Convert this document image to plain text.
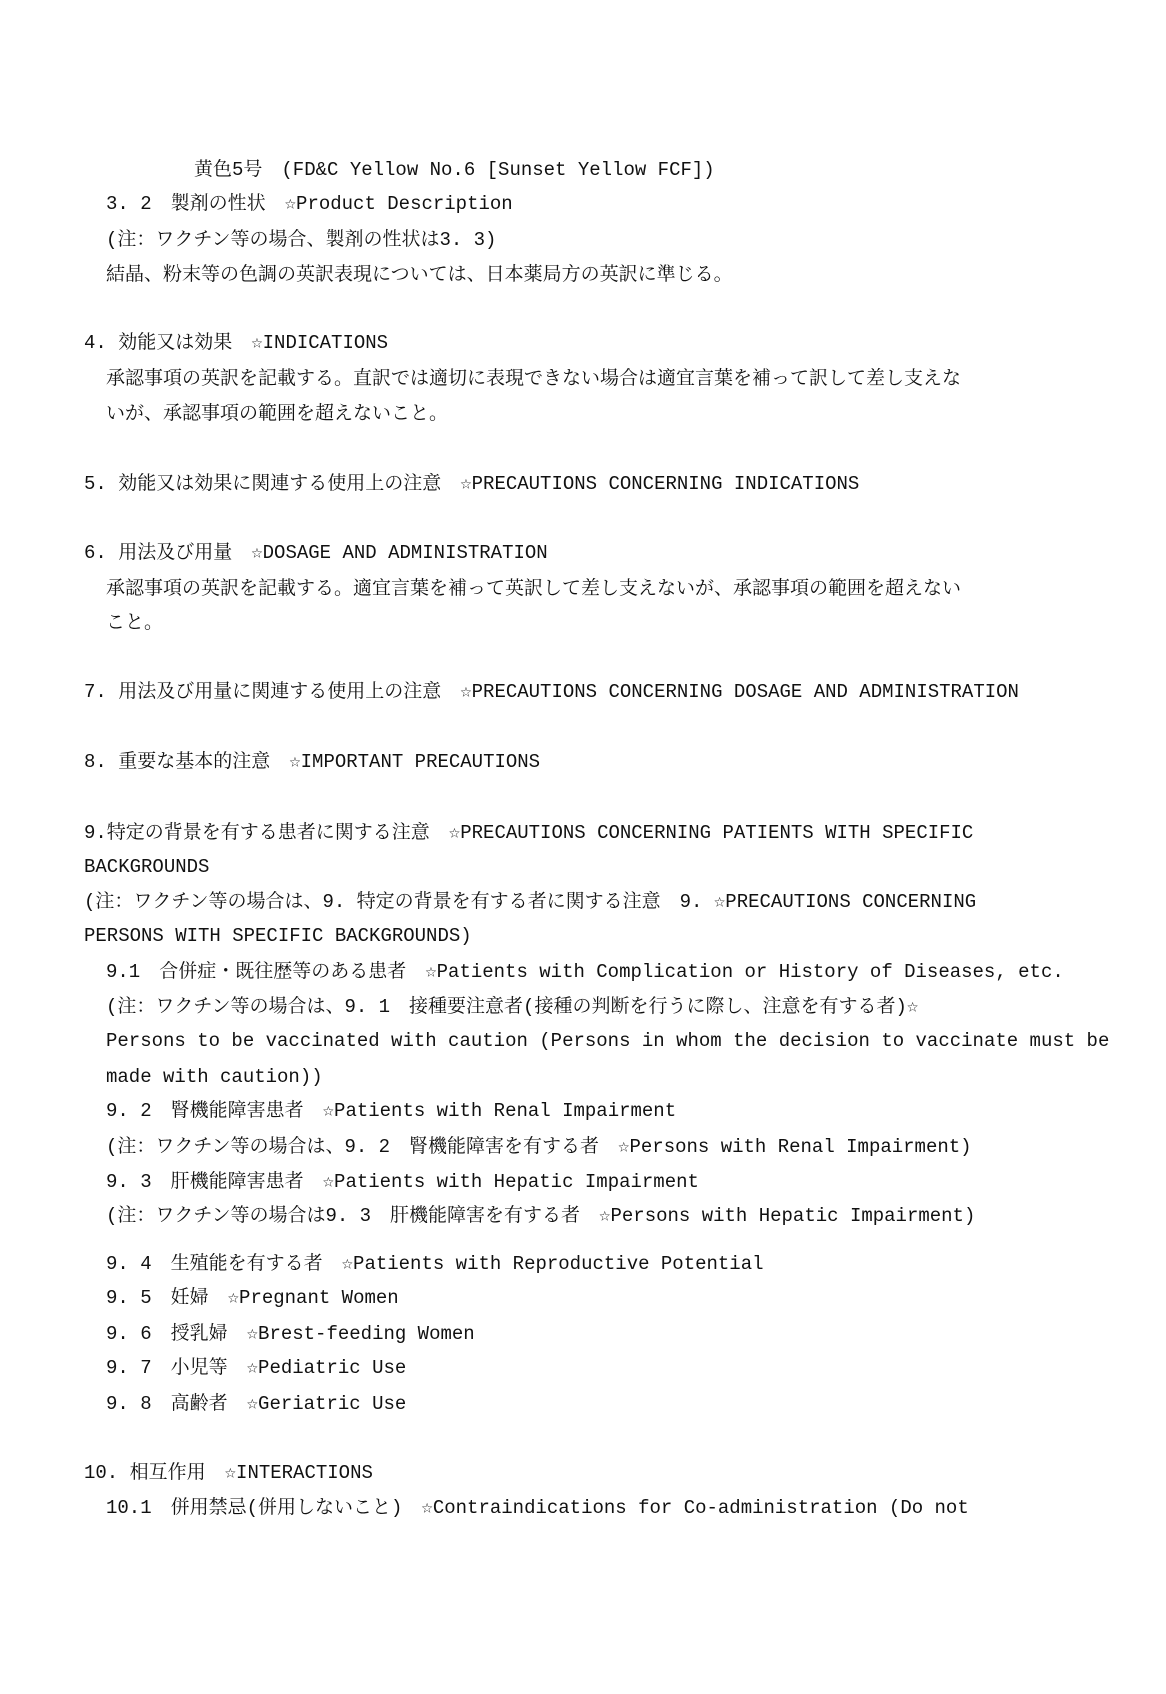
黄色5号　(FD&C Yellow No.6 [Sunset Yellow FCF])
3. 2　製剤の性状　☆Product Description
(注：ワクチン等の場合、製剤の性状は3. 3)
結晶、粉末等の色調の英訳表現については、日本薬局方の英訳に準じる。
4. 効能又は効果　☆INDICATIONS
承認事項の英訳を記載する。直訳では適切に表現できない場合は適宜言葉を補って訳して差し支えな
いが、承認事項の範囲を超えないこと。
5. 効能又は効果に関連する使用上の注意　☆PRECAUTIONS CONCERNING INDICATIONS
6. 用法及び用量　☆DOSAGE AND ADMINISTRATION
承認事項の英訳を記載する。適宜言葉を補って英訳して差し支えないが、承認事項の範囲を超えない
こと。
7. 用法及び用量に関連する使用上の注意　☆PRECAUTIONS CONCERNING DOSAGE AND ADMINISTRATION
8. 重要な基本的注意　☆IMPORTANT PRECAUTIONS
9.特定の背景を有する患者に関する注意　☆PRECAUTIONS CONCERNING PATIENTS WITH SPECIFIC
BACKGROUNDS
(注：ワクチン等の場合は、9. 特定の背景を有する者に関する注意　9. ☆PRECAUTIONS CONCERNING
PERSONS WITH SPECIFIC BACKGROUNDS)
9.1　合併症・既往歴等のある患者　☆Patients with Complication or History of Diseases, etc.
(注：ワクチン等の場合は、9. 1　接種要注意者(接種の判断を行うに際し、注意を有する者)☆
Persons to be vaccinated with caution (Persons in whom the decision to vaccinate must be
made with caution))
9. 2　腎機能障害患者　☆Patients with Renal Impairment
(注：ワクチン等の場合は、9. 2　腎機能障害を有する者　☆Persons with Renal Impairment)
9. 3　肝機能障害患者　☆Patients with Hepatic Impairment
(注：ワクチン等の場合は9. 3　肝機能障害を有する者　☆Persons with Hepatic Impairment)
9. 4　生殖能を有する者　☆Patients with Reproductive Potential
9. 5　妊婦　☆Pregnant Women
9. 6　授乳婦　☆Brest-feeding Women
9. 7　小児等　☆Pediatric Use
9. 8　高齢者　☆Geriatric Use
10. 相互作用　☆INTERACTIONS
10.1　併用禁忌(併用しないこと)　☆Contraindications for Co-administration (Do not
